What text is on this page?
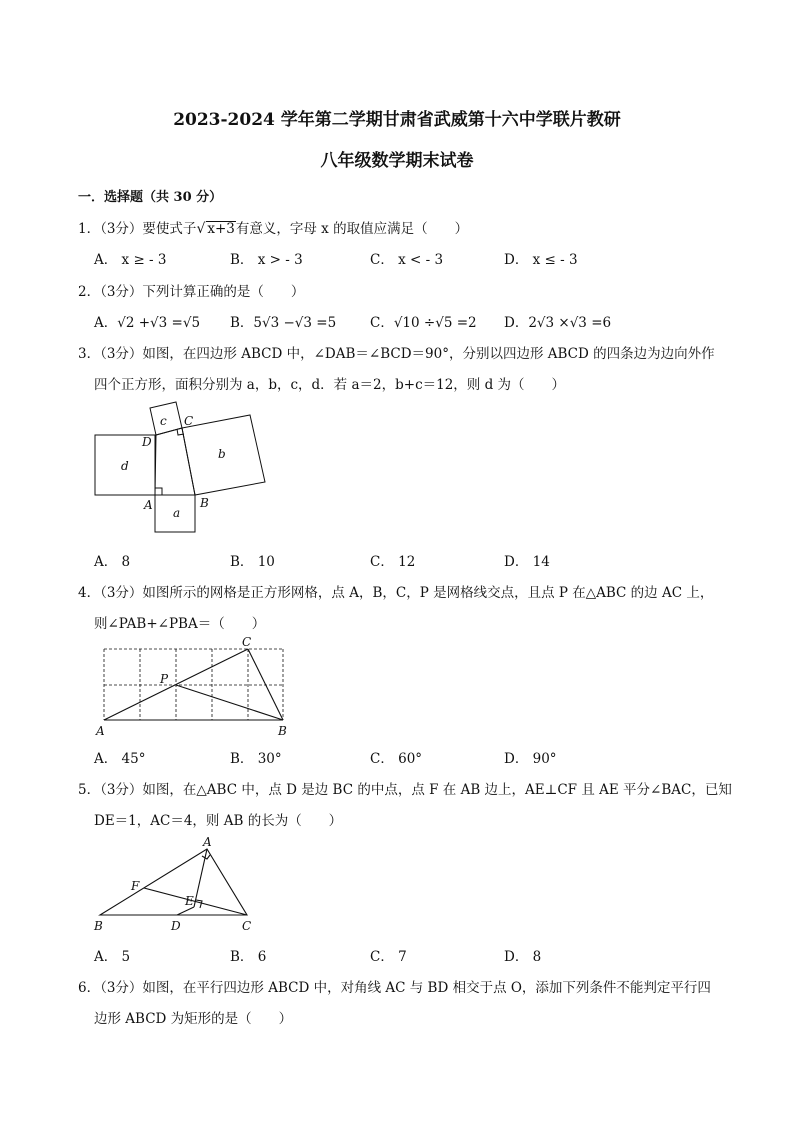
2023-2024 学年第二学期甘肃省武威第十六中学联片教研
八年级数学期末试卷
一．选择题（共 30 分）
1．（3分）要使式子√ x+3有意义，字母 x 的取值应满足（　　）
A． x ≥ - 3	B． x > - 3	C． x < - 3	D． x ≤ - 3
2．（3分）下列计算正确的是（　　）
A．√2 +√3 =√5 B．5√3 −√3 =5	C．√10 ÷√5 =2 D．2√3 ×√3 =6
3．（3分）如图，在四边形 ABCD 中，∠DAB＝∠BCD＝90°，分别以四边形 ABCD 的四条边为边向外作
四个正方形，面积分别为 a，b，c，d．若 a＝2，b+c＝12，则 d 为（　　）
c
d
b
a
A	B
C
D
A． 8	B． 10	C． 12	D． 14
4．（3分）如图所示的网格是正方形网格，点 A，B，C，P 是网格线交点，且点 P 在△ABC 的边 AC 上，
则∠PAB+∠PBA＝（　　）
C
P
A	B
A． 45°	B． 30°	C． 60°	D． 90°
5．（3分）如图，在△ABC 中，点 D 是边 BC 的中点，点 F 在 AB 边上，AE⊥CF 且 AE 平分∠BAC，已知
DE＝1，AC＝4，则 AB 的长为（　　）
A
F
E
B	D	C
A． 5	B． 6	C． 7	D． 8
6．（3分）如图，在平行四边形 ABCD 中，对角线 AC 与 BD 相交于点 O，添加下列条件不能判定平行四
边形 ABCD 为矩形的是（　　）
